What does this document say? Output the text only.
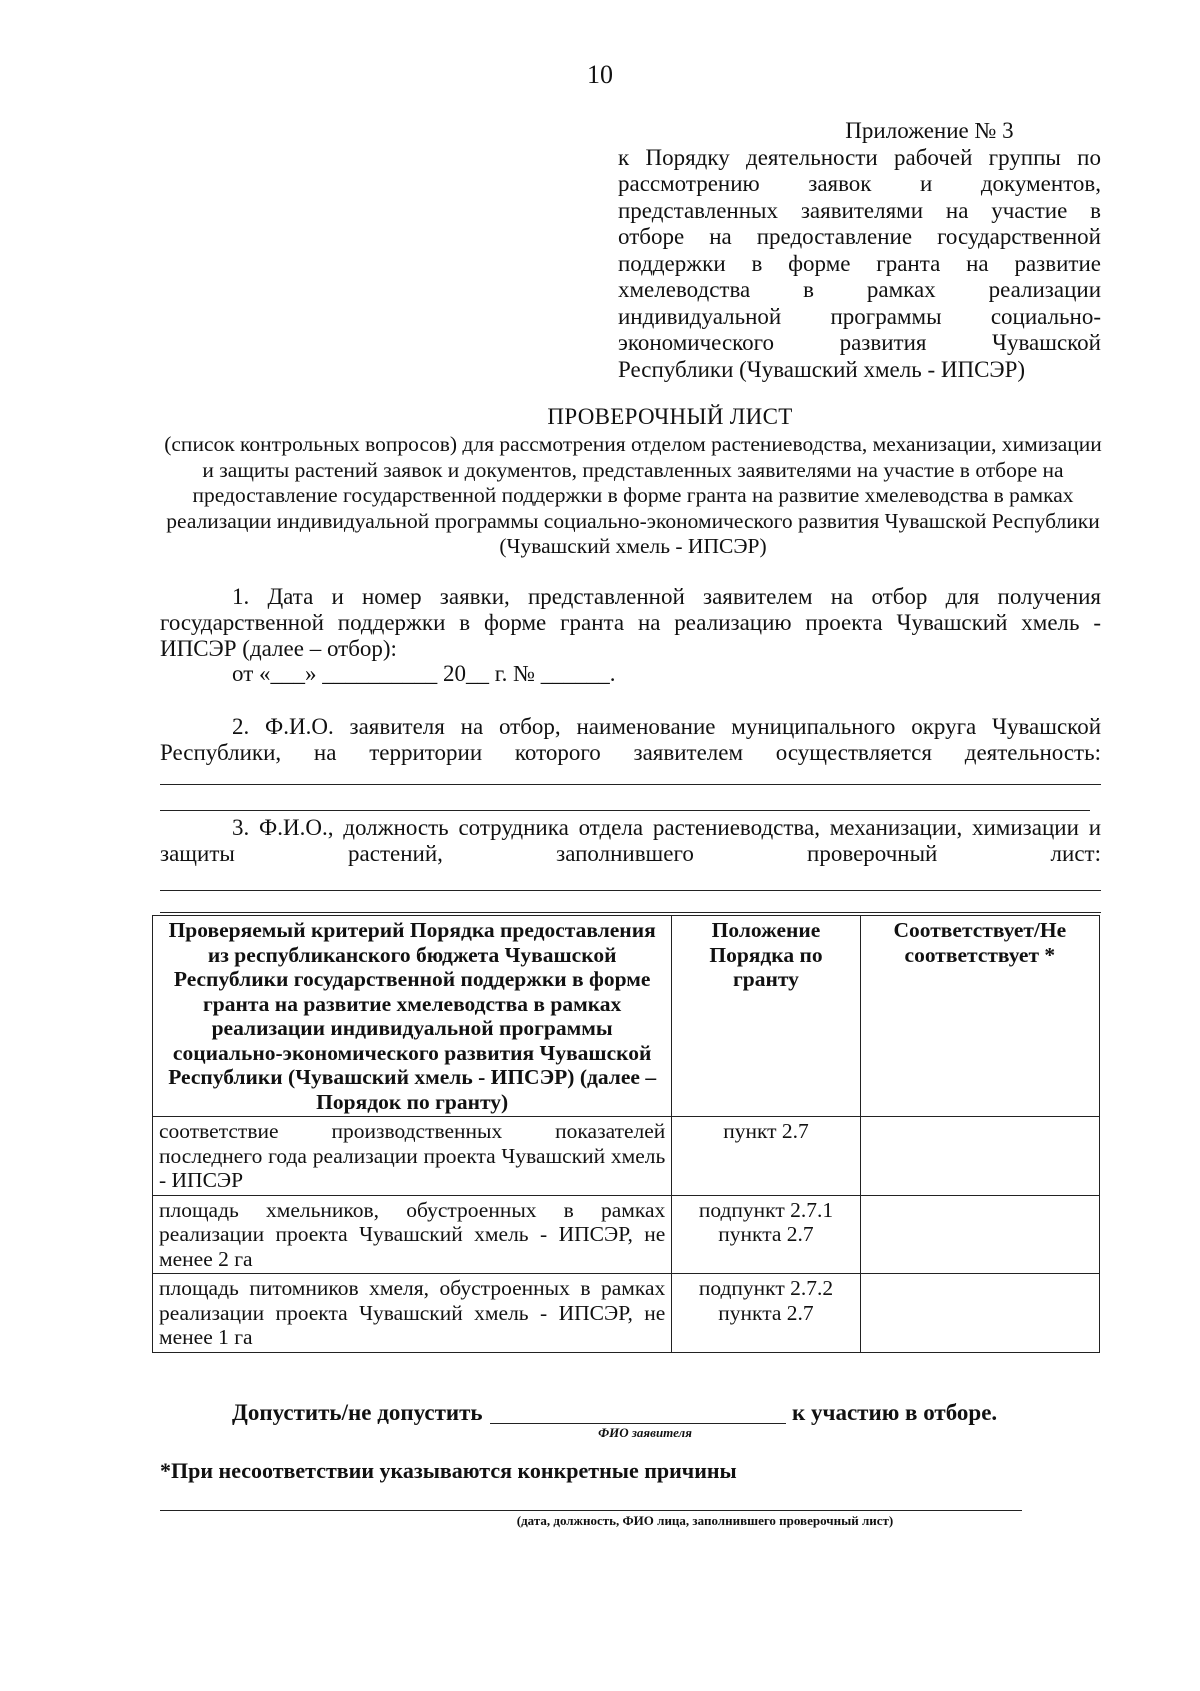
10
Приложение № 3
к Порядку деятельности рабочей группы по рассмотрению заявок и документов, представленных заявителями на участие в отборе на предоставление государственной поддержки в форме гранта на развитие хмелеводства в рамках реализации индивидуальной программы социально-экономического развития Чувашской Республики (Чувашский хмель - ИПСЭР)
ПРОВЕРОЧНЫЙ ЛИСТ
(список контрольных вопросов) для рассмотрения отделом растениеводства, механизации, химизации и защиты растений заявок и документов, представленных заявителями на участие в отборе на предоставление государственной поддержки в форме гранта на развитие хмелеводства в рамках реализации индивидуальной программы социально-экономического развития Чувашской Республики (Чувашский хмель - ИПСЭР)
1. Дата и номер заявки, представленной заявителем на отбор для получения государственной поддержки в форме гранта на реализацию проекта Чувашский хмель - ИПСЭР (далее – отбор):
от «___» __________ 20__ г. № ______.
2. Ф.И.О. заявителя на отбор, наименование муниципального округа Чувашской Республики, на территории которого заявителем осуществляется деятельность:
3. Ф.И.О., должность сотрудника отдела растениеводства, механизации, химизации и защиты растений, заполнившего проверочный лист:
Проверяемый критерий Порядка предоставления из республиканского бюджета Чувашской Республики государственной поддержки в форме гранта на развитие хмелеводства в рамках реализации индивидуальной программы социально-экономического развития Чувашской Республики (Чувашский хмель - ИПСЭР) (далее – Порядок по гранту)	Положение Порядка по гранту	Соответствует/Не соответствует *
соответствие производственных показателей последнего года реализации проекта Чувашский хмель - ИПСЭР	пункт 2.7	
площадь хмельников, обустроенных в рамках реализации проекта Чувашский хмель - ИПСЭР, не менее 2 га	подпункт 2.7.1 пункта 2.7	
площадь питомников хмеля, обустроенных в рамках реализации проекта Чувашский хмель - ИПСЭР, не менее 1 га	подпункт 2.7.2 пункта 2.7	
Допустить/не допустить	к участию в отборе.
ФИО заявителя
*При несоответствии указываются конкретные причины
(дата, должность, ФИО лица, заполнившего проверочный лист)
